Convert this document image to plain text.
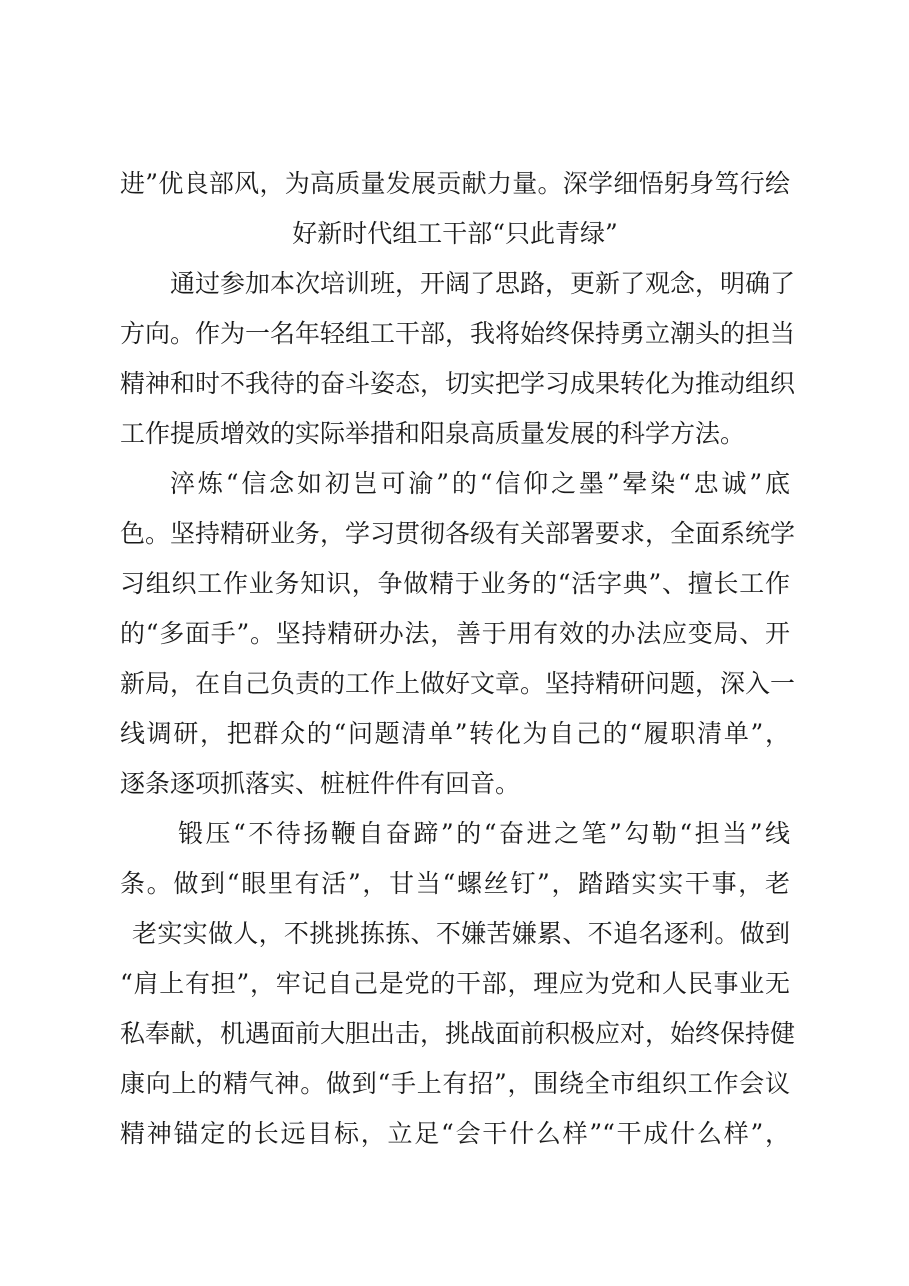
进”优良部风，为高质量发展贡献力量。深学细悟躬身笃行绘
好新时代组工干部“只此青绿”
通过参加本次培训班，开阔了思路，更新了观念，明确了
方向。作为一名年轻组工干部，我将始终保持勇立潮头的担当
精神和时不我待的奋斗姿态，切实把学习成果转化为推动组织
工作提质增效的实际举措和阳泉高质量发展的科学方法。
淬炼“信念如初岂可渝”的“信仰之墨”晕染“忠诚”底
色。坚持精研业务，学习贯彻各级有关部署要求，全面系统学
习组织工作业务知识，争做精于业务的“活字典”、擅长工作
的“多面手”。坚持精研办法，善于用有效的办法应变局、开
新局，在自己负责的工作上做好文章。坚持精研问题，深入一
线调研，把群众的“问题清单”转化为自己的“履职清单”，
逐条逐项抓落实、桩桩件件有回音。
锻压“不待扬鞭自奋蹄”的“奋进之笔”勾勒“担当”线
条。做到“眼里有活”，甘当“螺丝钉”，踏踏实实干事，老
老实实做人，不挑挑拣拣、不嫌苦嫌累、不追名逐利。做到
“肩上有担”，牢记自己是党的干部，理应为党和人民事业无
私奉献，机遇面前大胆出击，挑战面前积极应对，始终保持健
康向上的精气神。做到“手上有招”，围绕全市组织工作会议
精神锚定的长远目标，立足“会干什么样”“干成什么样”，
